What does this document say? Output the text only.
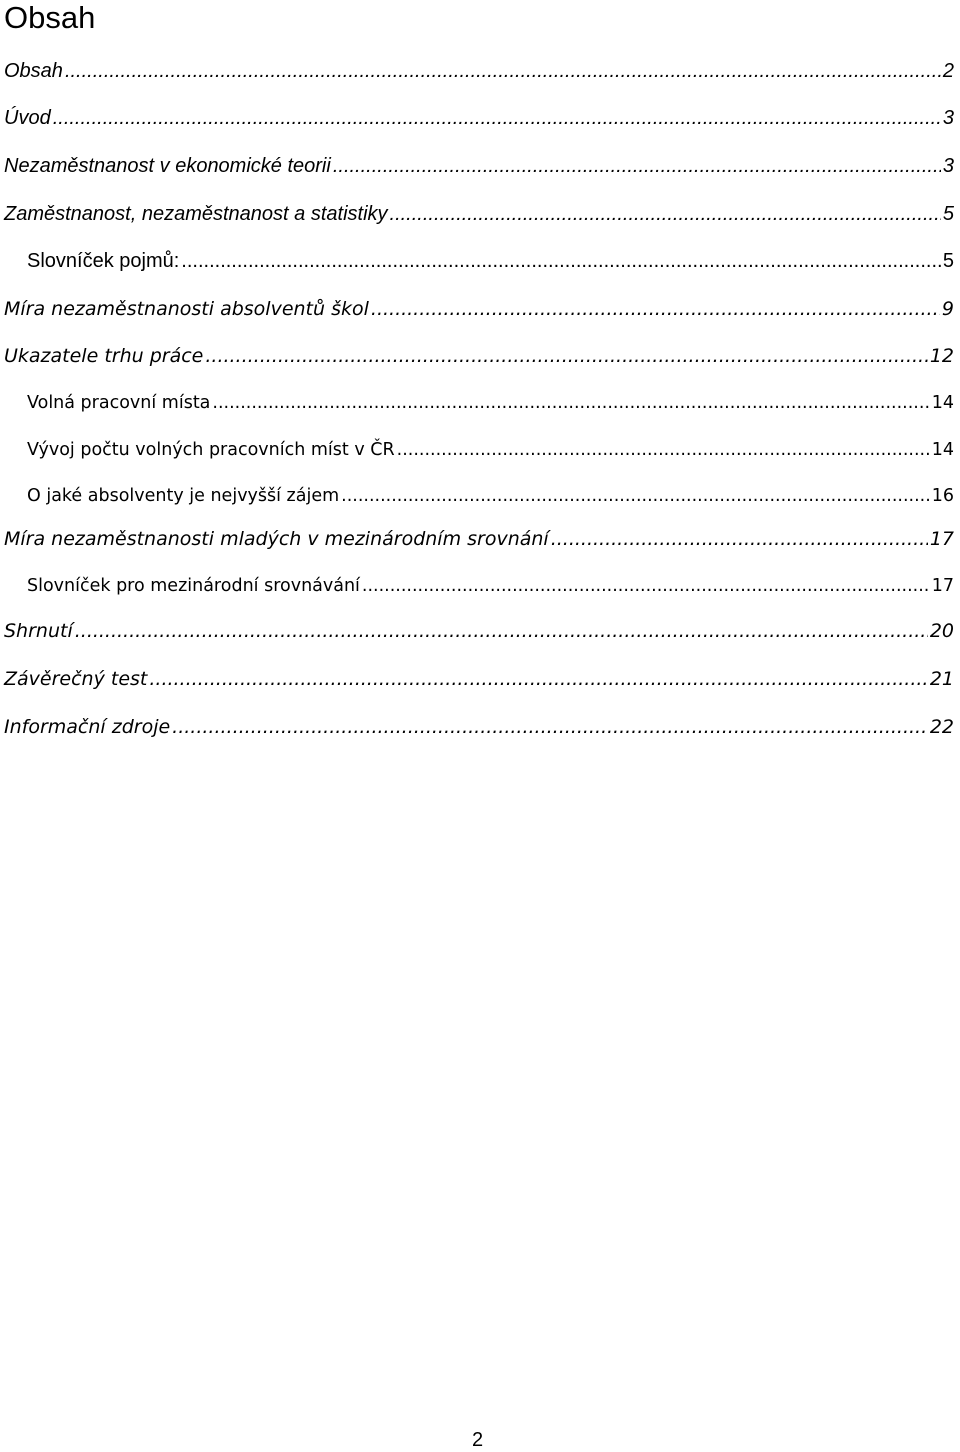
Obsah
Obsah .....	2
Úvod .....	3
Nezaměstnanost v ekonomické teorii .....	3
Zaměstnanost, nezaměstnanost a statistiky .....	5
Slovníček pojmů: .....	5
Míra nezaměstnanosti absolventů škol .....	9
Ukazatele trhu práce .....	12
Volná pracovní místa .....	14
Vývoj počtu volných pracovních míst v ČR .....	14
O jaké absolventy je nejvyšší zájem .....	16
Míra nezaměstnanosti mladých v mezinárodním srovnání .....	17
Slovníček pro mezinárodní srovnávání .....	17
Shrnutí .....	20
Závěrečný test .....	21
Informační zdroje .....	22
2
